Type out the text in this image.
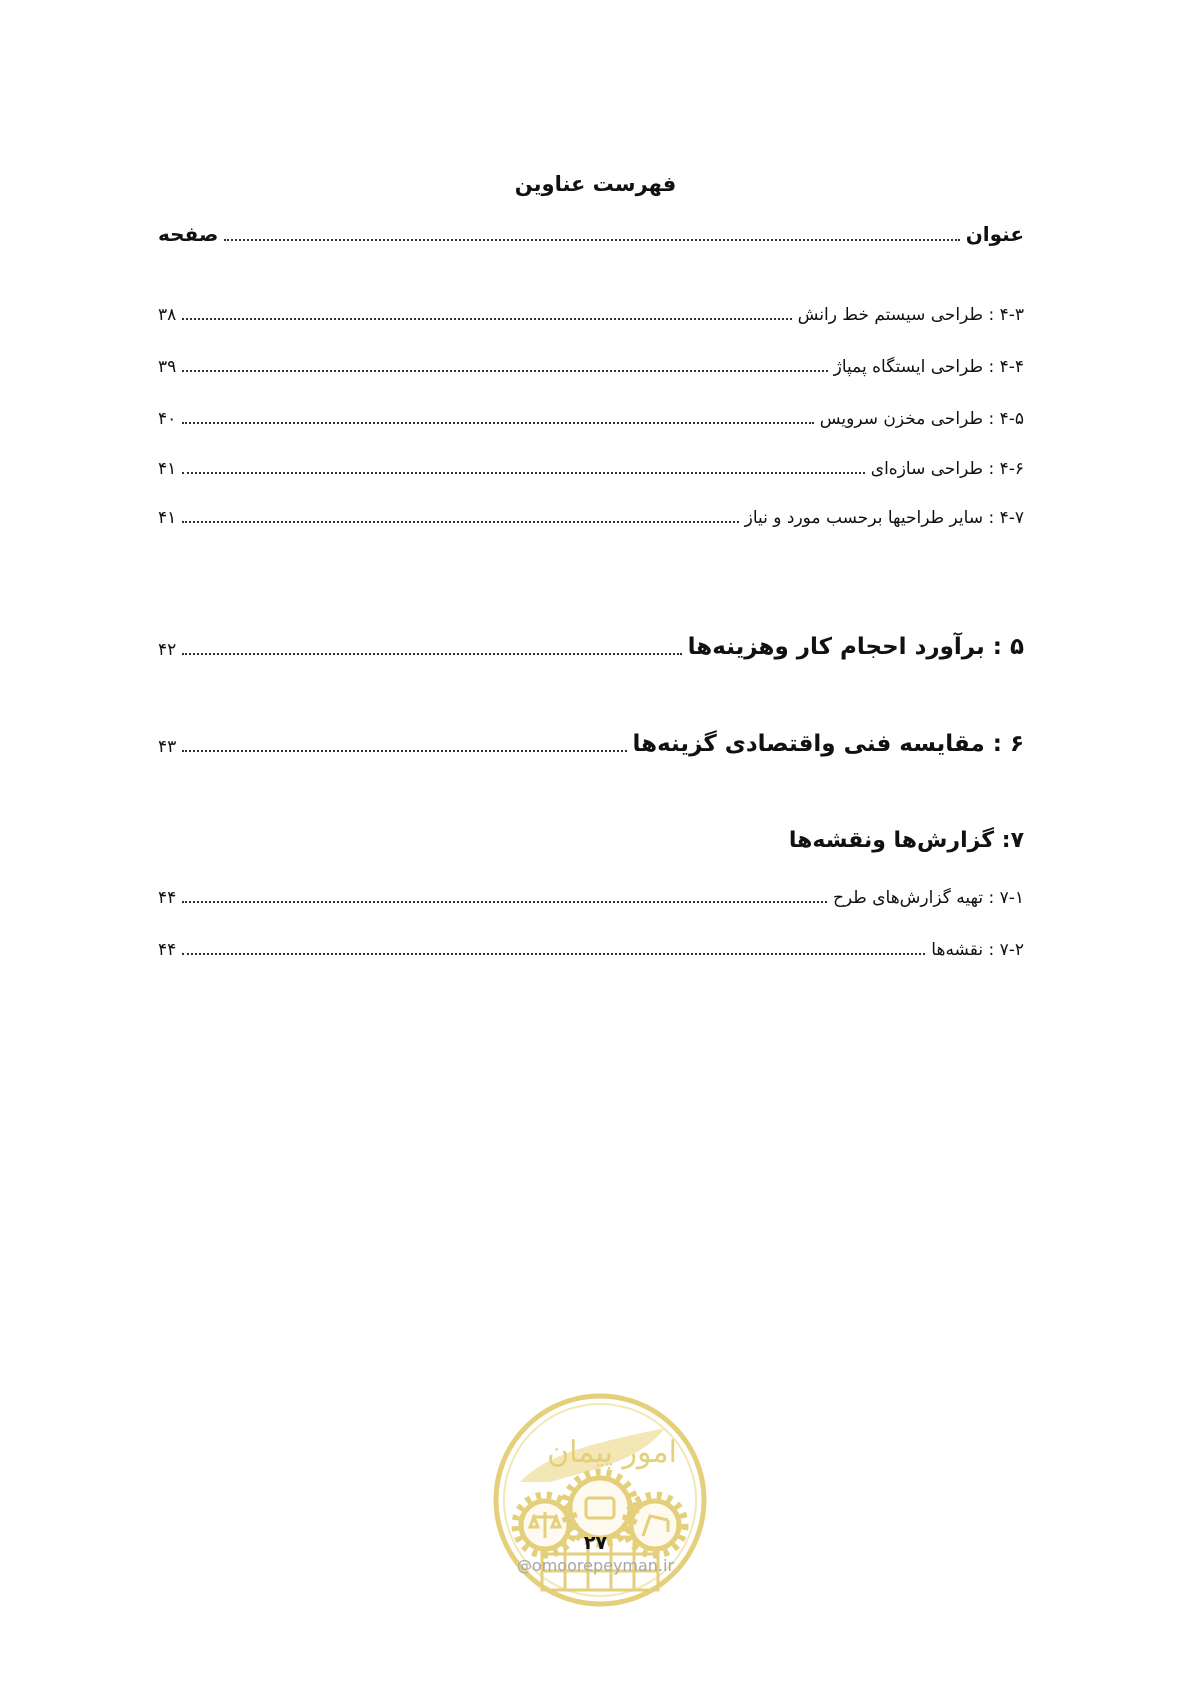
فهرست عناوین
عنوان
صفحه
۴-۳ : طراحی سیستم خط رانش
۳۸
۴-۴ : طراحی ایستگاه پمپاژ
۳۹
۴-۵ : طراحی مخزن سرویس
۴۰
۴-۶ : طراحی سازه‌ای
۴۱
۴-۷ : سایر طراحیها برحسب مورد و نیاز
۴۱
۵ : برآورد احجام کار وهزینه‌ها
۴۲
۶ : مقایسه فنی واقتصادی گزینه‌ها
۴۳
۷: گزارش‌ها ونقشه‌ها
۷-۱ : تهیه گزارش‌های طرح
۴۴
۷-۲ : نقشه‌ها
۴۴
امور پیمان
۲۷
@omoorepeyman.ir
